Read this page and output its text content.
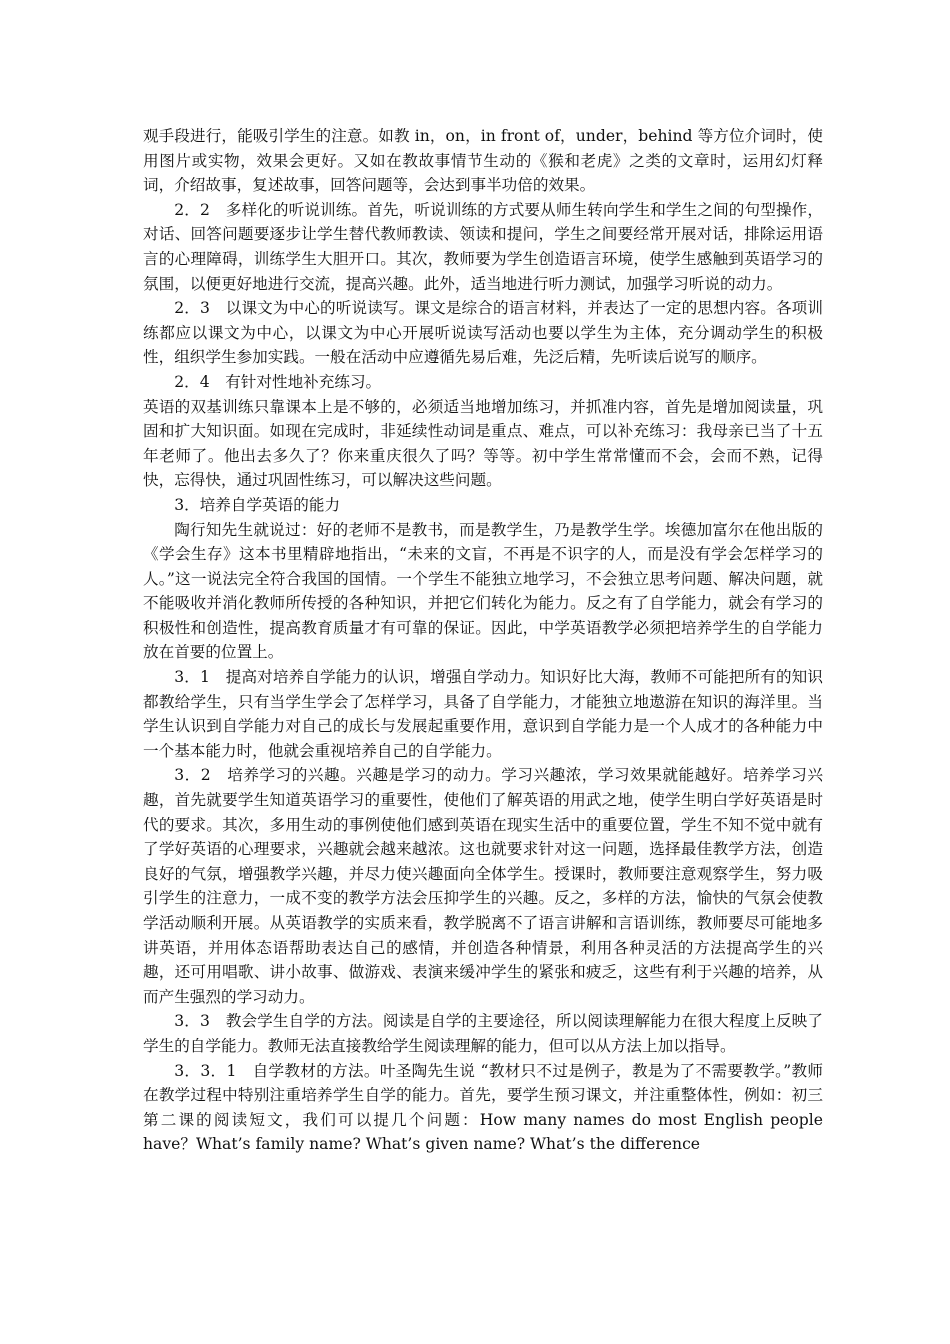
观手段进行，能吸引学生的注意。如教 in，on，in front of，under，behind 等方位介词时，使用图片或实物，效果会更好。又如在教故事情节生动的《猴和老虎》之类的文章时，运用幻灯释词，介绍故事，复述故事，回答问题等，会达到事半功倍的效果。

2．2　多样化的听说训练。首先，听说训练的方式要从师生转向学生和学生之间的句型操作，对话、回答问题要逐步让学生替代教师教读、领读和提问，学生之间要经常开展对话，排除运用语言的心理障碍，训练学生大胆开口。其次，教师要为学生创造语言环境，使学生感触到英语学习的氛围，以便更好地进行交流，提高兴趣。此外，适当地进行听力测试，加强学习听说的动力。

2．3　以课文为中心的听说读写。课文是综合的语言材料，并表达了一定的思想内容。各项训练都应以课文为中心，以课文为中心开展听说读写活动也要以学生为主体，充分调动学生的积极性，组织学生参加实践。一般在活动中应遵循先易后难，先泛后精，先听读后说写的顺序。

2．4　有针对性地补充练习。

英语的双基训练只靠课本上是不够的，必须适当地增加练习，并抓准内容，首先是增加阅读量，巩固和扩大知识面。如现在完成时，非延续性动词是重点、难点，可以补充练习：我母亲已当了十五年老师了。他出去多久了？你来重庆很久了吗？等等。初中学生常常懂而不会，会而不熟，记得快，忘得快，通过巩固性练习，可以解决这些问题。

3．培养自学英语的能力

陶行知先生就说过：好的老师不是教书，而是教学生，乃是教学生学。埃德加富尔在他出版的《学会生存》这本书里精辟地指出，“未来的文盲，不再是不识字的人，而是没有学会怎样学习的人。”这一说法完全符合我国的国情。一个学生不能独立地学习，不会独立思考问题、解决问题，就不能吸收并消化教师所传授的各种知识，并把它们转化为能力。反之有了自学能力，就会有学习的积极性和创造性，提高教育质量才有可靠的保证。因此，中学英语教学必须把培养学生的自学能力放在首要的位置上。

3．1　提高对培养自学能力的认识，增强自学动力。知识好比大海，教师不可能把所有的知识都教给学生，只有当学生学会了怎样学习，具备了自学能力，才能独立地遨游在知识的海洋里。当学生认识到自学能力对自己的成长与发展起重要作用，意识到自学能力是一个人成才的各种能力中一个基本能力时，他就会重视培养自己的自学能力。

3．2　培养学习的兴趣。兴趣是学习的动力。学习兴趣浓，学习效果就能越好。培养学习兴趣，首先就要学生知道英语学习的重要性，使他们了解英语的用武之地，使学生明白学好英语是时代的要求。其次，多用生动的事例使他们感到英语在现实生活中的重要位置，学生不知不觉中就有了学好英语的心理要求，兴趣就会越来越浓。这也就要求针对这一问题，选择最佳教学方法，创造良好的气氛，增强教学兴趣，并尽力使兴趣面向全体学生。授课时，教师要注意观察学生，努力吸引学生的注意力，一成不变的教学方法会压抑学生的兴趣。反之，多样的方法，愉快的气氛会使教学活动顺利开展。从英语教学的实质来看，教学脱离不了语言讲解和言语训练，教师要尽可能地多讲英语，并用体态语帮助表达自己的感情，并创造各种情景，利用各种灵活的方法提高学生的兴趣，还可用唱歌、讲小故事、做游戏、表演来缓冲学生的紧张和疲乏，这些有利于兴趣的培养，从而产生强烈的学习动力。

3．3　教会学生自学的方法。阅读是自学的主要途径，所以阅读理解能力在很大程度上反映了学生的自学能力。教师无法直接教给学生阅读理解的能力，但可以从方法上加以指导。

3．3．1　自学教材的方法。叶圣陶先生说 “教材只不过是例子，教是为了不需要教学。”教师在教学过程中特别注重培养学生自学的能力。首先，要学生预习课文，并注重整体性，例如：初三第二课的阅读短文，我们可以提几个问题：How many names do most English people have？What’s family name? What’s given name? What’s the difference
